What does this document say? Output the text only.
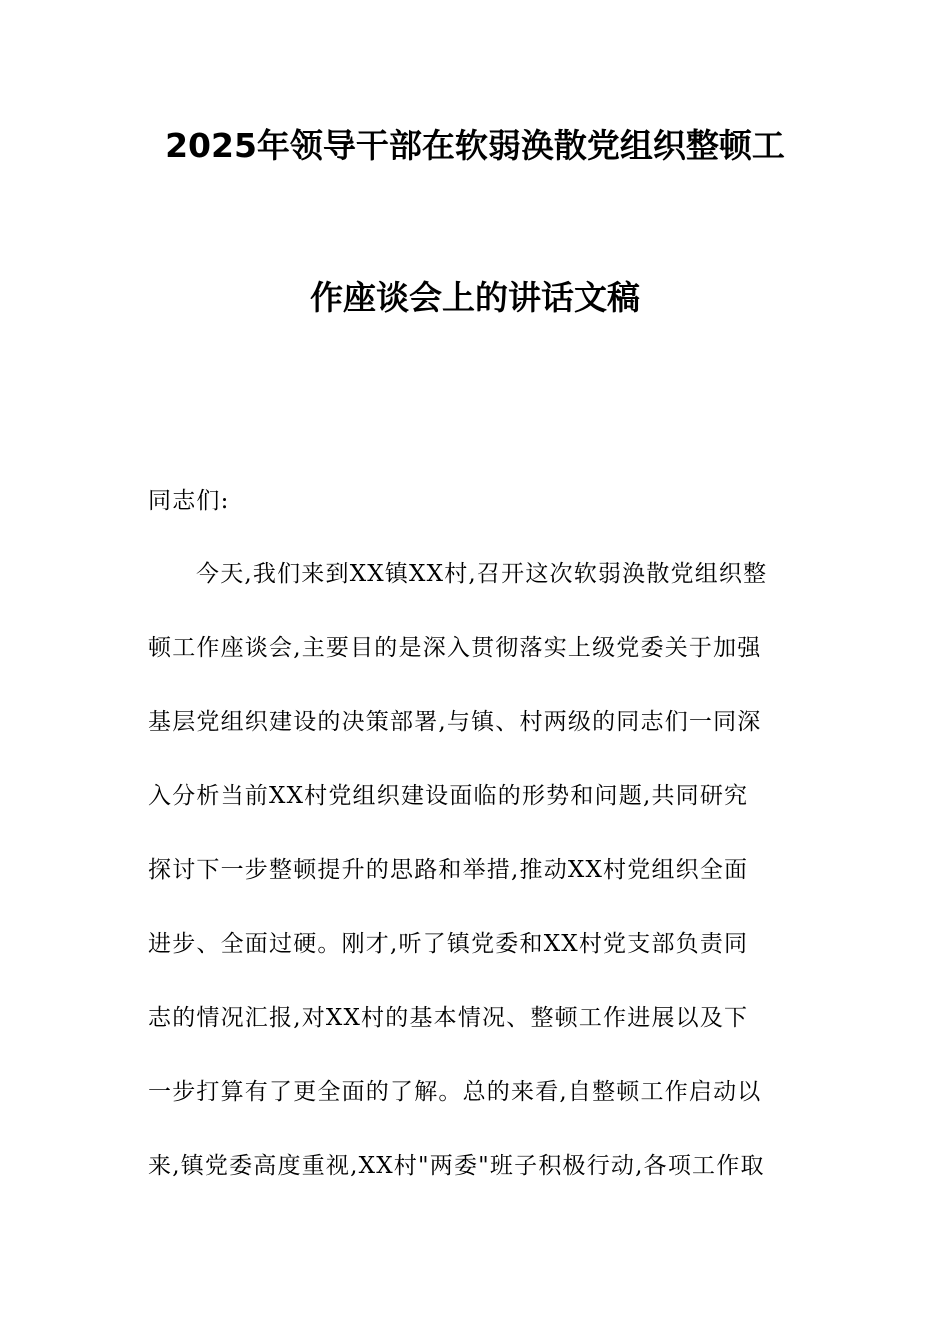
2025年领导干部在软弱涣散党组织整顿工
作座谈会上的讲话文稿
同志们:
今天,我们来到XX镇XX村,召开这次软弱涣散党组织整
顿工作座谈会,主要目的是深入贯彻落实上级党委关于加强
基层党组织建设的决策部署,与镇、村两级的同志们一同深
入分析当前XX村党组织建设面临的形势和问题,共同研究
探讨下一步整顿提升的思路和举措,推动XX村党组织全面
进步、全面过硬。刚才,听了镇党委和XX村党支部负责同
志的情况汇报,对XX村的基本情况、整顿工作进展以及下
一步打算有了更全面的了解。总的来看,自整顿工作启动以
来,镇党委高度重视,XX村"两委"班子积极行动,各项工作取
